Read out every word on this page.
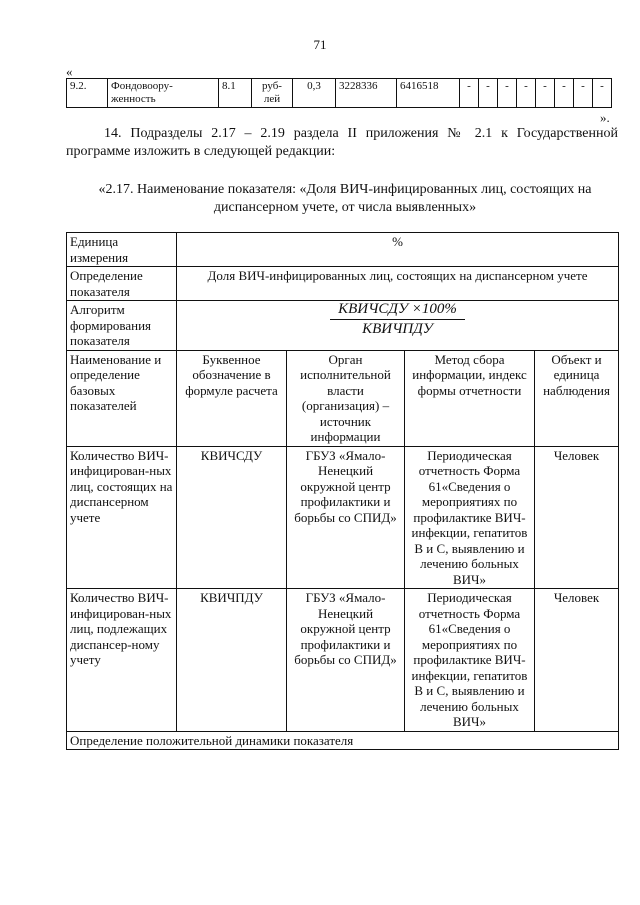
71
«
9.2.	Фондовоору-женность	8.1	руб-лей	0,3	3228336	6416518	-	-	-	-	-	-	-	-
».
14. Подразделы 2.17 – 2.19 раздела II приложения № 2.1 к Государственной программе изложить в следующей редакции:
«2.17. Наименование показателя: «Доля ВИЧ-инфицированных лиц, состоящих на диспансерном учете, от числа выявленных»
Единица измерения	%			
Определение показателя	Доля ВИЧ-инфицированных лиц, состоящих на диспансерном учете			
Алгоритм формирования показателя	КВИЧСДУ ×100%
КВИЧПДУ			

Наименование и определение базовых показателей	Буквенное обозначение в формуле расчета	Орган исполнительной власти (организация) – источник информации	Метод сбора информации, индекс формы отчетности	Объект и единица наблюдения
Количество ВИЧ-инфицирован-ных лиц, состоящих на диспансерном учете	КВИЧСДУ	ГБУЗ «Ямало-Ненецкий окружной центр профилактики и борьбы со СПИД»	Периодическая отчетность Форма 61«Сведения о мероприятиях по профилактике ВИЧ-инфекции, гепатитов В и С, выявлению и лечению больных ВИЧ»	Человек
Количество ВИЧ-инфицирован-ных лиц, подлежащих диспансер-ному учету	КВИЧПДУ	ГБУЗ «Ямало-Ненецкий окружной центр профилактики и борьбы со СПИД»	Периодическая отчетность Форма 61«Сведения о мероприятиях по профилактике ВИЧ-инфекции, гепатитов В и С, выявлению и лечению больных ВИЧ»	Человек
Определение положительной динамики показателя				
